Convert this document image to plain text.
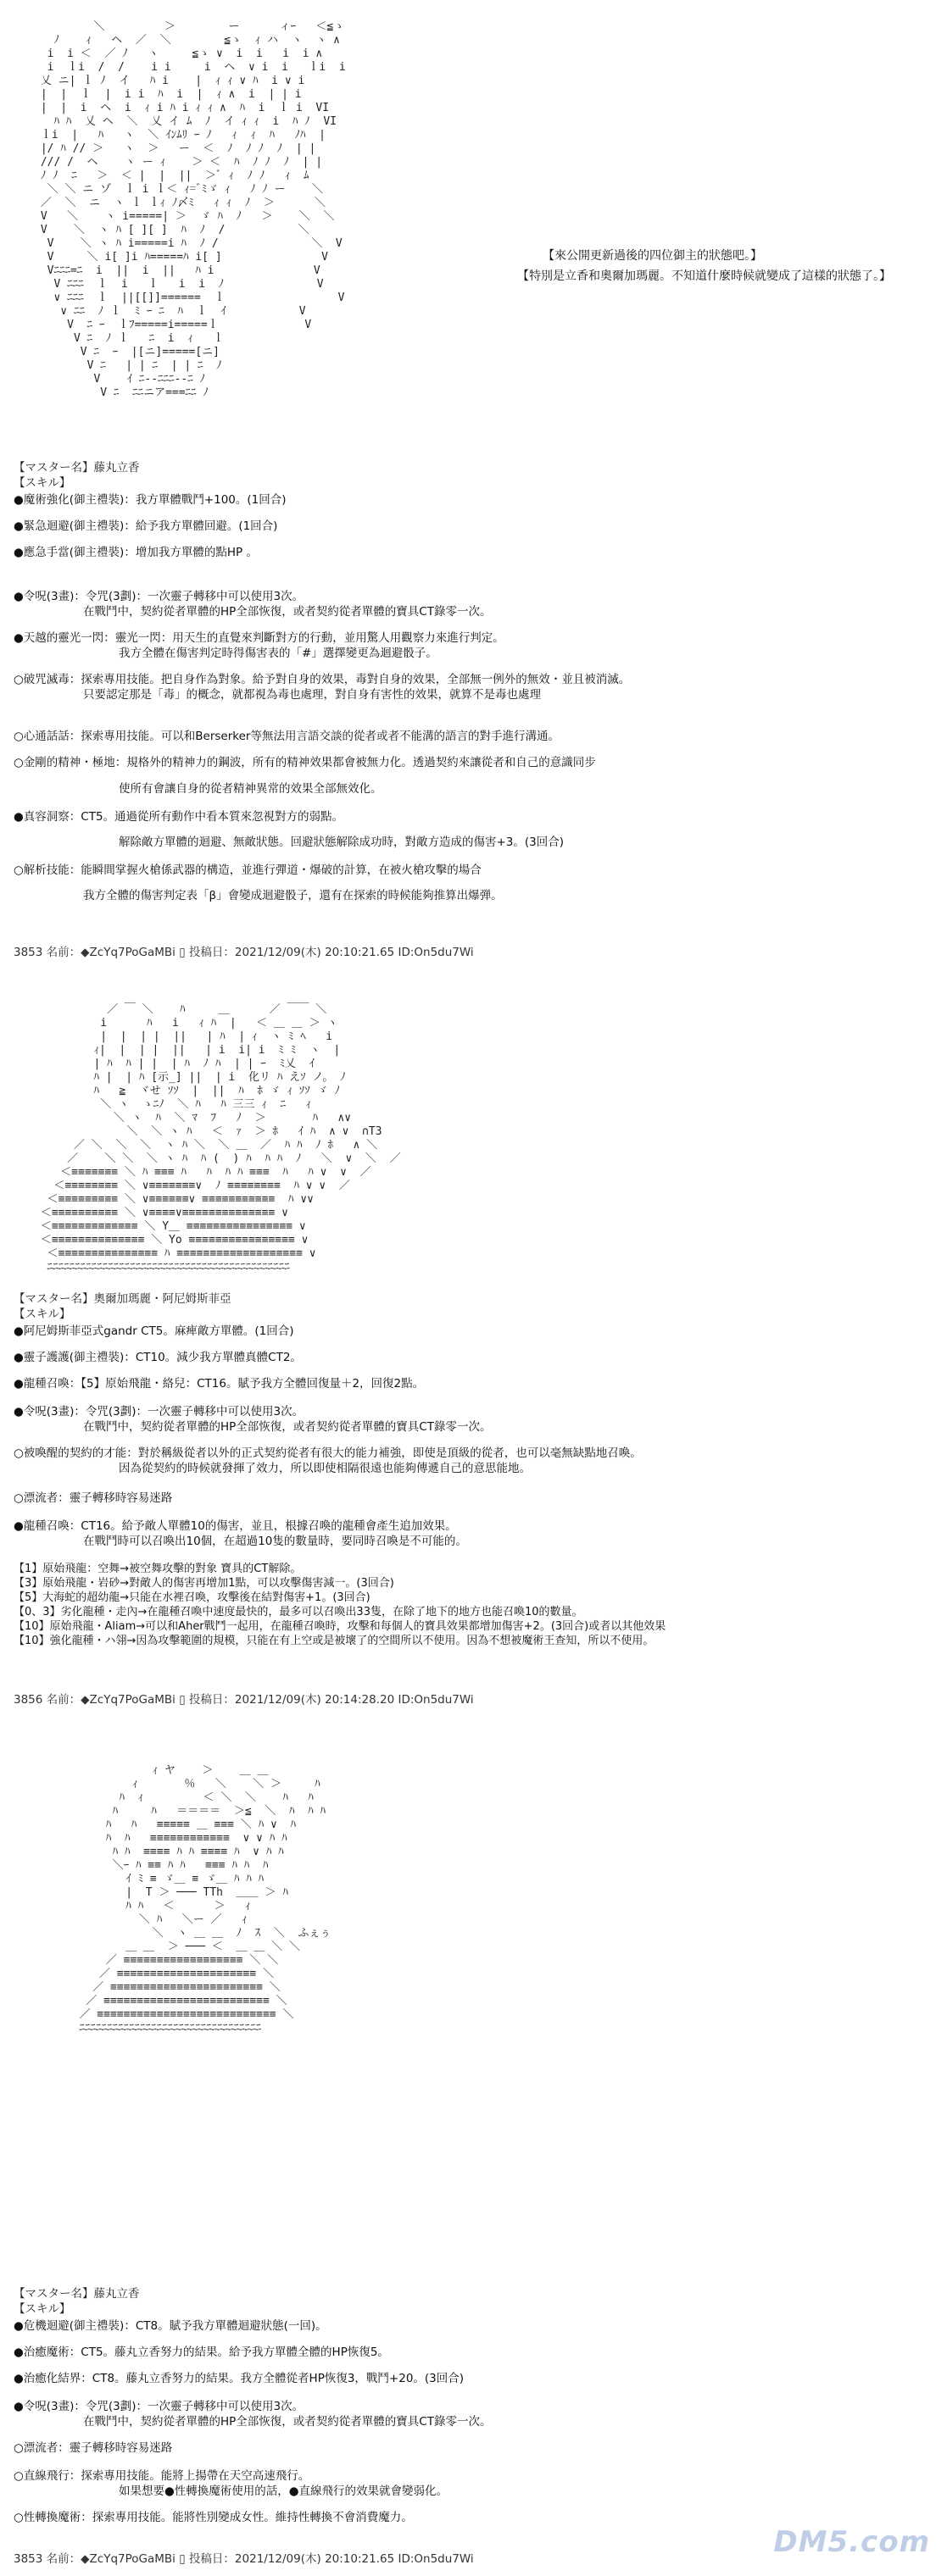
＼         ＞        ー      ィｰ   ＜≦ゝ
ﾉ    ｨ   ヘ  ／  ＼        ≦ゝ  ｨ ハ  ヽ  ヽ ∧
i  i ＜  ／ ﾉ   ヽ     ≦ゝ ∨  i  i   i  i ∧
i  ｌi  /  /    i i     i  ヘ  ∨ i  i   ｌi  i
乂 ニ| ｌ ﾉ  イ   ﾊ i    |  ｨ ｨ ∨ ﾊ  i ∨ i
|  |  ｌ  |  i i  ﾊ  i  |  ｨ ∧  i  | | i
|  |  i  ヘ  i  ｨ i ﾊ i ｨ ｨ ∧  ﾊ  i  ｌ i  VI
ﾊ ﾊ  乂 ヘ  ＼  乂 イ ﾑ  ﾉ  イ ｨ ｨ  i  ﾊ ﾉ  VI
ｌi  |   ﾊ   ヽ  ＼ ｲﾝﾑﾘ ｰ ﾉ   ｨ  ｨ  ﾊ   ﾉﾊ  |
|/ ﾊ // ＞   ヽ  ＞   ー  ＜  ﾉ  ﾉ ﾉ  ﾉ  | |
/// /  ヘ    ヽ ー ｨ    ＞ ＜  ﾊ  ﾉ ﾉ  ﾉ  | |
ﾉ ﾉ  ﾆ   ＞  ＜ |  |  ||  ＞ﾞ ｨ  ﾉ ﾉ   ｨ  ﾑ
＼ ＼ ニ ゾ  ｌ i ｌ＜ ｨ=ﾞﾐゞ ｨ   ﾉ ﾉ ー    ＼
／  ＼  ニ  ヽ ｌ ｌｨ ﾉ〆ﾐ   ｨ ｨ  ﾉ  ＞      ＼
V   ＼    ヽ i=====| ＞  ゞ ﾊ  ﾉ   ＞    ＼  ＼
V    ＼  ヽ ﾊ [ ][ ]  ﾊ  ﾉ  /           ＼
V    ＼ ヽ ﾊ i=====i ﾊ  ﾉ /              ＼  V
V     ＼ i[ ]i ﾊ=====ﾊ i[ ]               V
Vﾆﾆﾆ=ﾆ  i  ||  i  ||   ﾊ i               V
V ﾆﾆﾆ  ｌ  i   ｌ   i  i  ﾉ              V
∨ ﾆﾆﾆ  ｌ  ||[[]]======  ｌ                 V
∨ ﾆﾆ  ﾉ ｌ  ﾐ ｰ ﾆ  ﾊ  ｌ  ｲ           V
V  ﾆ ｰ  ｌﾌ=====i=====ｌ             V
V ﾆ  ﾉ ｌ   ﾆ  i  ｨ   ｌ
V ﾆ  ｰ  |[ニ]=====[ニ]
V ﾆ   | | ﾆ  | | ﾆ  ﾉ
V    ｲ ﾆ--ﾆﾆﾆ--ﾆ ﾉ
V ﾆ  ﾆﾆニア===ﾆﾆ ﾉ

【來公開更新過後的四位御主的狀態吧。】
【特別是立香和奧爾加瑪麗。不知道什麼時候就變成了這樣的狀態了。】
【マスター名】藤丸立香
【スキル】
●魔術強化(御主禮裝)：我方單體戰鬥+100。(1回合)
●緊急迴避(御主禮裝)：給予我方單體回避。(1回合)
●應急手當(御主禮裝)：增加我方單體的點HP 。
●令呪(3畫)：令咒(3劃)：一次靈子轉移中可以使用3次。
在戰鬥中，契約從者單體的HP全部恢復，或者契約從者單體的寶具CT錄零一次。
●天越的靈光一閃：靈光一閃：用天生的直覺來判斷對方的行動，並用驚人用觀察力來進行判定。
我方全體在傷害判定時得傷害表的「#」選擇變更為迴避骰子。
○破咒滅毒：探索專用技能。把自身作為對象。給予對自身的效果，毒對自身的效果，全部無一例外的無效・並且被消滅。
只要認定那是「毒」的概念，就都視為毒也處理，對自身有害性的效果，就算不是毒也處理
○心通話話：探索專用技能。可以和Berserker等無法用言語交談的從者或者不能溝的語言的對手進行溝通。
○金剛的精神・極地：規格外的精神力的鋼波，所有的精神效果都會被無力化。透過契約來讓從者和自己的意識同步
使所有會讓自身的從者精神異常的效果全部無效化。
●真容洞察：CT5。通過從所有動作中看本質來忽視對方的弱點。
解除敵方單體的迴避、無敵狀態。回避狀態解除成功時，對敵方造成的傷害+3。(3回合)
○解析技能：能瞬間掌握火槍係武器的構造，並進行彈道・爆破的計算，在被火槍攻擊的場合
我方全體的傷害判定表「β」會變成迴避骰子，還有在探索的時候能夠推算出爆弾。
3853 名前：◆ZcYq7PoGaMBi ▯ 投稿日：2021/12/09(木) 20:10:21.65 ID:On5du7Wi

／ ￣ ＼    ﾊ     ＿      ／ ￣￣ ＼
i      ﾊ   i   ｨ ﾊ  |   ＜ ＿ ＿ ＞ ヽ
|  |  | |  ||   | ﾊ  | ｨ  ヽ ﾐ ﾍ   i
ｨ|  |  | |  ||   | i  i| i  ﾐ ﾐ  ヽ  |
| ﾊ  ﾊ | |  | ﾊ  ﾉ ﾊ  | | ｰ  ﾐ乂  ｲ
ﾊ |  | ﾊ [示_] ||  | i  化リ ﾊ えｿ ノ。 ﾉ
ﾊ   ≧  ヾせ ｿｿ  |  ||  ﾊ  ﾎ ゞ ｨ ｿｿ ゞ ﾉ
＼ ヽ  ゝﾆﾉ  ＼ ﾊ   ﾊ 三三 ｨ  ﾆ   ｨ
＼ ヽ  ﾊ  ＼ ﾏ  ﾌ   ﾉ  ＞       ﾊ   ∧∨
＼  ＼ ヽ ﾊ   ＜  ｧ  ＞ ﾎ   ｲ ﾊ  ∧ ∨  ∩T3
／ ＼  ＼  ＼  ヽ ﾊ ＼  ＼ ＿  ／  ﾊ ﾊ  ﾉ ﾎ   ∧ ＼
／    ＼ ＼  ＼ ヽ ﾊ  ﾊ (  ) ﾊ  ﾊ ﾊ  ﾉ   ＼  ∨  ＼  ／
＜≡≡≡≡≡≡≡ ＼ ﾊ ≡≡≡ ﾊ   ﾊ  ﾊ ﾊ ≡≡≡  ﾊ   ﾊ ∨  ∨  ／
＜≡≡≡≡≡≡≡≡ ＼ ∨≡≡≡≡≡≡≡∨  ﾉ ≡≡≡≡≡≡≡≡  ﾊ ∨ ∨  ／
＜≡≡≡≡≡≡≡≡≡ ＼ ∨≡≡≡≡≡≡∨ ≡≡≡≡≡≡≡≡≡≡≡  ﾊ ∨∨
＜≡≡≡≡≡≡≡≡≡≡ ＼ ∨≡≡≡≡∨≡≡≡≡≡≡≡≡≡≡≡≡≡≡ ∨
＜≡≡≡≡≡≡≡≡≡≡≡≡≡ ＼ Y＿ ≡≡≡≡≡≡≡≡≡≡≡≡≡≡≡≡ ∨
＜≡≡≡≡≡≡≡≡≡≡≡≡≡≡ ＼ Yo ≡≡≡≡≡≡≡≡≡≡≡≡≡≡≡≡ ∨
＜≡≡≡≡≡≡≡≡≡≡≡≡≡≡≡ ﾊ ≡≡≡≡≡≡≡≡≡≡≡≡≡≡≡≡≡≡≡ ∨
ﾆﾆﾆﾆﾆﾆﾆﾆﾆﾆﾆﾆﾆﾆﾆﾆﾆﾆﾆﾆﾆﾆﾆﾆﾆﾆﾆﾆﾆﾆﾆﾆﾆﾆﾆﾆﾆﾆﾆﾆﾆﾆﾆﾆ

【マスター名】奧爾加瑪麗・阿尼姆斯菲亞
【スキル】
●阿尼姆斯菲亞式gandr CT5。麻痺敵方單體。(1回合)
●靈子護護(御主禮裝)：CT10。減少我方單體真體CT2。
●龍種召喚：【5】原始飛龍・絡兒：CT16。賦予我方全體回復量＋2，回復2點。
●令呪(3畫)：令咒(3劃)：一次靈子轉移中可以使用3次。
在戰鬥中，契約從者單體的HP全部恢復，或者契約從者單體的寶具CT錄零一次。
○被喚醒的契約的才能：對於稱級從者以外的正式契約從者有很大的能力補強，即使是頂級的從者，也可以毫無缺點地召喚。
因為從契約的時候就發揮了效力，所以即使相隔很遠也能夠傳遞自己的意思能地。
○漂流者：靈子轉移時容易迷路
●龍種召喚：CT16。給予敵人單體10的傷害，並且，根據召喚的龍種會產生追加效果。
在戰鬥時可以召喚出10個，在超過10隻的數量時，要同時召喚是不可能的。
【1】原始飛龍：空舞→被空舞攻擊的對象 寶具的CT解除。
【3】原始飛龍・岩砂→對敵人的傷害再增加1點，可以攻擊傷害減一。(3回合)
【5】大海蛇的超幼龍→只能在水裡召喚，攻擊後在結對傷害+1。(3回合)
【0、3】劣化龍種・走內→在龍種召喚中速度最快的，最多可以召喚出33隻，在除了地下的地方也能召喚10的數量。
【10】原始飛龍・Aliam→可以和Aher戰鬥一起用，在龍種召喚時，攻擊和每個人的寶具效果都增加傷害+2。(3回合)或者以其他效果
【10】強化龍種・ハ翎→因為攻擊範圍的規模，只能在有上空或是被壞了的空間所以不使用。因為不想被魔術王查知，所以不使用。
3856 名前：◆ZcYq7PoGaMBi ▯ 投稿日：2021/12/09(木) 20:14:28.20 ID:On5du7Wi

ｨ ヤ    ＞    ＿ ＿
ｨ       ％   ＼    ＼ ＞     ﾊ
ﾊ  ｨ         ＜ ＼  ＼    ﾊ   ﾊ
ﾊ     ﾊ   ＝＝＝＝  ＞≦  ＼  ﾊ  ﾊ ﾊ
ﾊ   ﾊ   ≡≡≡≡≡ ＿ ≡≡≡ ＼ ﾊ ∨  ﾊ
ﾊ  ﾊ   ≡≡≡≡≡≡≡≡≡≡≡≡  ∨ ∨ ﾊ ﾊ
ﾊ ﾊ  ≡≡≡≡ ﾊ ﾊ ≡≡≡≡ ﾊ  ∨ ﾊ ﾊ
＼ｰ ﾊ ≡≡ ﾊ ﾊ   ≡≡≡ ﾊ ﾊ  ﾊ
ｲ ﾐ ≡ ゞ＿ ≡ ゞ＿ ﾊ ﾊ ﾊ
|  T ＞ ─── TTh  ＿＿ ＞ ﾊ
ﾊ ﾊ   ＜      ＞   ｨ
＼ ﾊ   ＼ー ／   ｨ
＼  ヽ ＿ ＿  ﾉ  ｽ  ＼  ふぇぅ
＿ ＿  ＞ ─── ＜  ＿ ＿ ＼ ＼
／ ≡≡≡≡≡≡≡≡≡≡≡≡≡≡≡≡≡≡ ＼ ＼
／ ≡≡≡≡≡≡≡≡≡≡≡≡≡≡≡≡≡≡≡≡≡ ＼
／ ≡≡≡≡≡≡≡≡≡≡≡≡≡≡≡≡≡≡≡≡≡≡≡ ＼
／ ≡≡≡≡≡≡≡≡≡≡≡≡≡≡≡≡≡≡≡≡≡≡≡≡≡ ＼
／ ≡≡≡≡≡≡≡≡≡≡≡≡≡≡≡≡≡≡≡≡≡≡≡≡≡≡≡ ＼
ﾆﾆﾆﾆﾆﾆﾆﾆﾆﾆﾆﾆﾆﾆﾆﾆﾆﾆﾆﾆﾆﾆﾆﾆﾆﾆﾆﾆﾆﾆﾆﾆﾆ

【マスター名】藤丸立香
【スキル】
●危機迴避(御主禮裝)：CT8。賦予我方單體迴避狀態(一回)。
●治癒魔術：CT5。藤丸立香努力的結果。給予我方單體全體的HP恢復5。
●治癒化結界：CT8。藤丸立香努力的結果。我方全體從者HP恢復3，戰鬥+20。(3回合)
●令呪(3畫)：令咒(3劃)：一次靈子轉移中可以使用3次。
在戰鬥中，契約從者單體的HP全部恢復，或者契約從者單體的寶具CT錄零一次。
○漂流者：靈子轉移時容易迷路
○直線飛行：探索專用技能。能將上揚帶在天空高速飛行。
如果想要●性轉換魔術使用的話，●直線飛行的效果就會變弱化。
○性轉換魔術：探索專用技能。能將性別變成女性。維持性轉換不會消費魔力。
3853 名前：◆ZcYq7PoGaMBi ▯ 投稿日：2021/12/09(木) 20:10:21.65 ID:On5du7Wi	DM5.com
